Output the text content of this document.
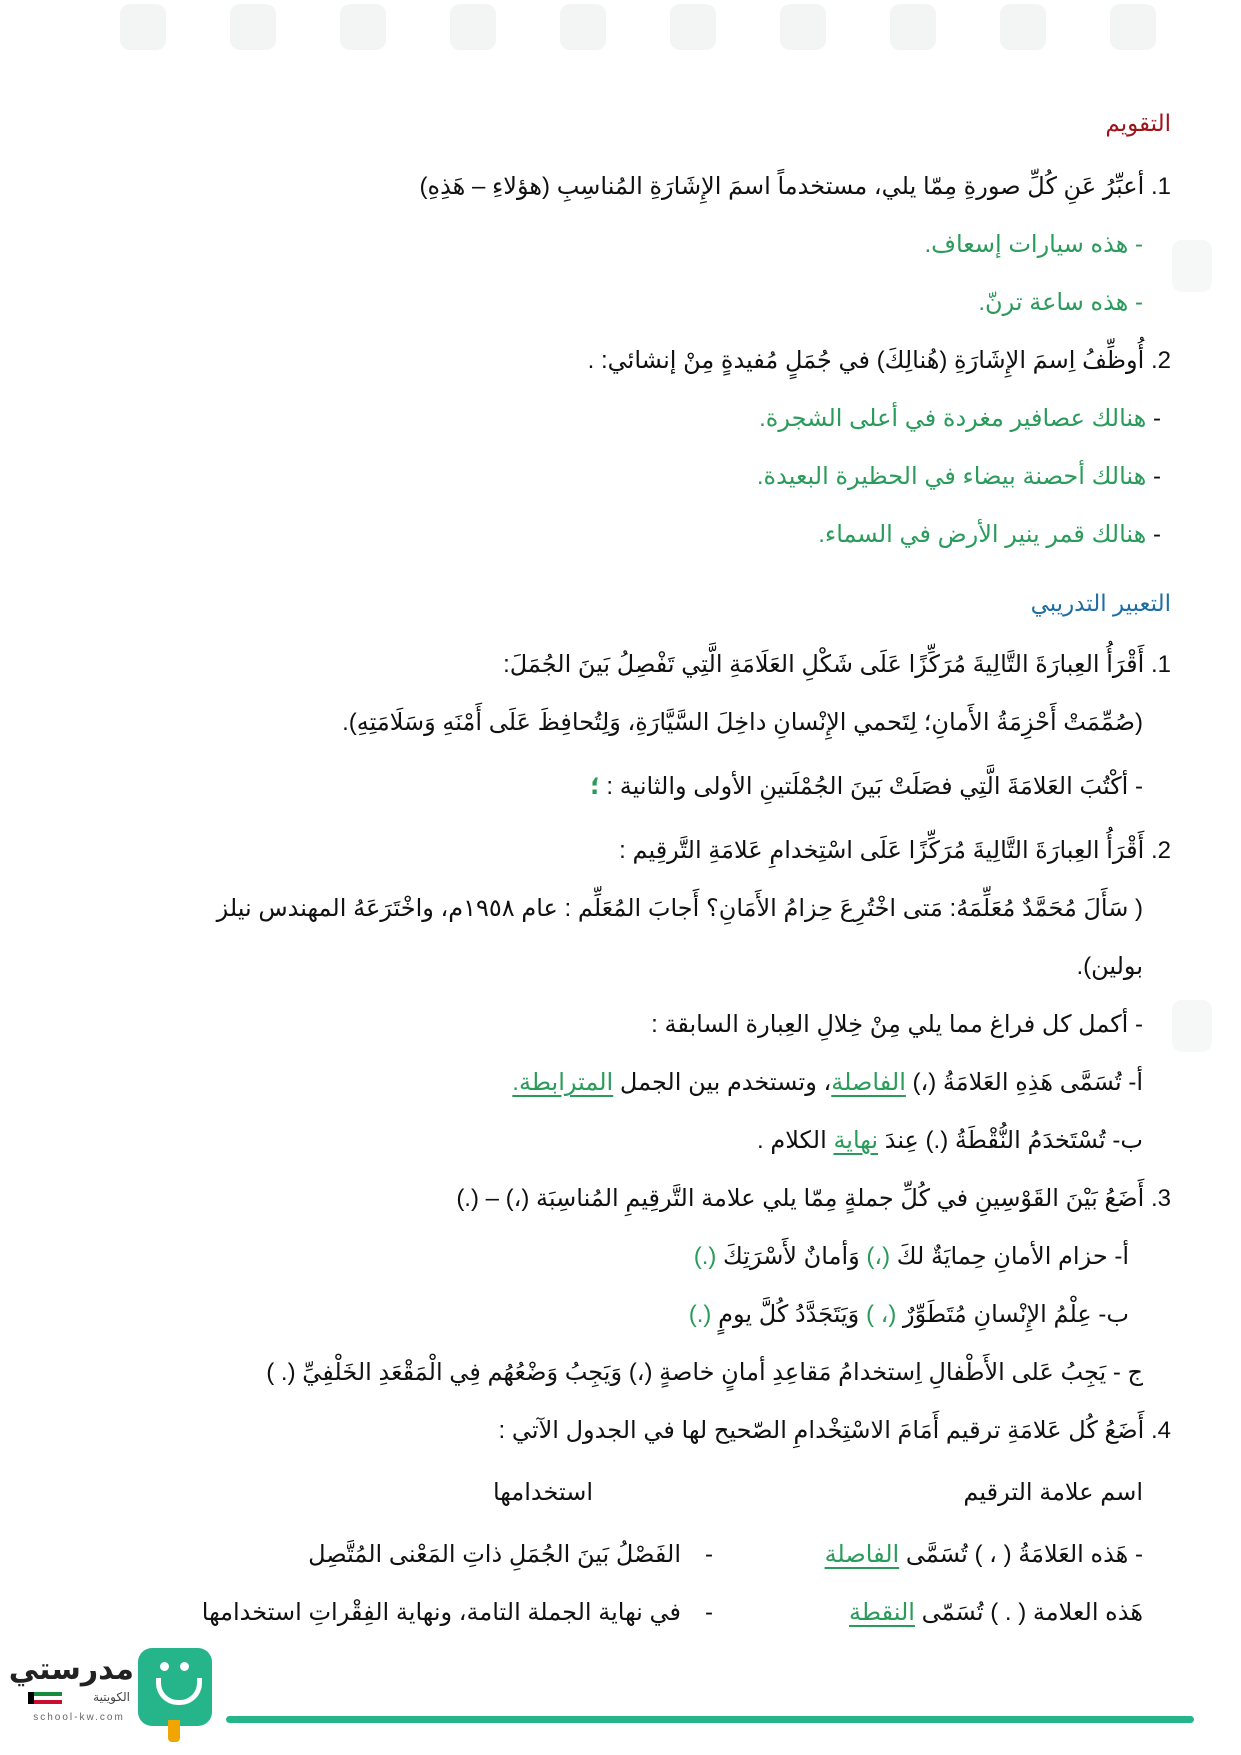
التقويم
1. أعبِّرُ عَنِ كُلِّ صورةِ مِمّا يلي، مستخدماً اسمَ الإِشَارَةِ المُناسِبِ (هؤلاءِ – هَذِهِ)
- هذه سيارات إسعاف.
- هذه ساعة ترنّ.
2. أُوظِّفُ اِسمَ الإِشَارَةِ (هُنالِكَ) في جُمَلٍ مُفيدةٍ مِنْ إنشائي: .
- هنالك عصافير مغردة في أعلى الشجرة.
- هنالك أحصنة بيضاء في الحظيرة البعيدة.
- هنالك قمر ينير الأرض في السماء.
التعبير التدريبي
1. أَقْرَأُ العِبارَةَ التَّالِيةَ مُرَكِّزًا عَلَى شَكْلِ العَلَامَةِ الَّتِي تَفْصِلُ بَينَ الجُمَلَ:
(صُمِّمَتْ أَحْزِمَةُ الأَمانِ؛ لِتَحمي الإِنْسانِ داخِلَ السَّيَّارَةِ، وَلِتُحافِظَ عَلَى أَمْنَهِ وَسَلَامَتِهِ).
- أكْتُبَ العَلامَةَ الَّتِي فصَلَتْ بَينَ الجُمْلَتينِ الأولى والثانية : ؛
2. أَقْرَأُ العِبارَةَ التَّالِيةَ مُرَكِّزًا عَلَى اسْتِخدامِ عَلامَةِ التَّرقِيم :
( سَأَلَ مُحَمَّدٌ مُعَلِّمَهُ: مَتى اخْتُرِعَ حِزامُ الأَمَانِ؟ أَجابَ المُعَلِّم : عام ١٩٥٨م، واخْتَرَعَهُ المهندس نيلز
بولين).
- أكمل كل فراغ مما يلي مِنْ خِلالِ العِبارة السابقة :
أ- تُسَمَّى هَذِهِ العَلامَةُ (،) الفاصلة، وتستخدم بين الجمل المترابطة.
ب- تُسْتَخدَمُ النُّقْطَةُ (.) عِندَ نهاية الكلام .
3. أَضَعُ بَيْنَ القَوْسِينِ في كُلِّ جملةٍ مِمّا يلي علامة التَّرقِيمِ المُناسِبَة (،) – (.)
أ- حزام الأمانِ حِمايَةٌ لكَ (،) وَأمانٌ لأَسْرَتِكَ (.)
ب- عِلْمُ الإِنْسانِ مُتَطَوِّرٌ (، ) وَيَتَجَدَّدُ كُلَّ يومٍ (.)
ج - يَجِبُ عَلى الأَطْفالِ اِستخدامُ مَقاعِدِ أمانٍ خاصةٍ (،) وَيَجِبُ وَضْعُهُم فِي الْمَقْعَدِ الخَلْفِيِّ (. )
4. أَضَعُ كُل عَلامَةِ ترقيم أَمَامَ الاسْتِخْدامِ الصّحيح لها في الجدول الآتي :
اسم علامة الترقيم
استخدامها
- هَذه العَلامَةُ ( ، ) تُسَمَّى الفاصلة
-
الفَصْلُ بَينَ الجُمَلِ ذاتِ المَعْنى المُتَّصِل
هَذه العلامة ( . ) تُسَمّى النقطة
-
في نهاية الجملة التامة، ونهاية الفِقْراتِ استخدامها
مدرستي
الكويتية
school-kw.com
